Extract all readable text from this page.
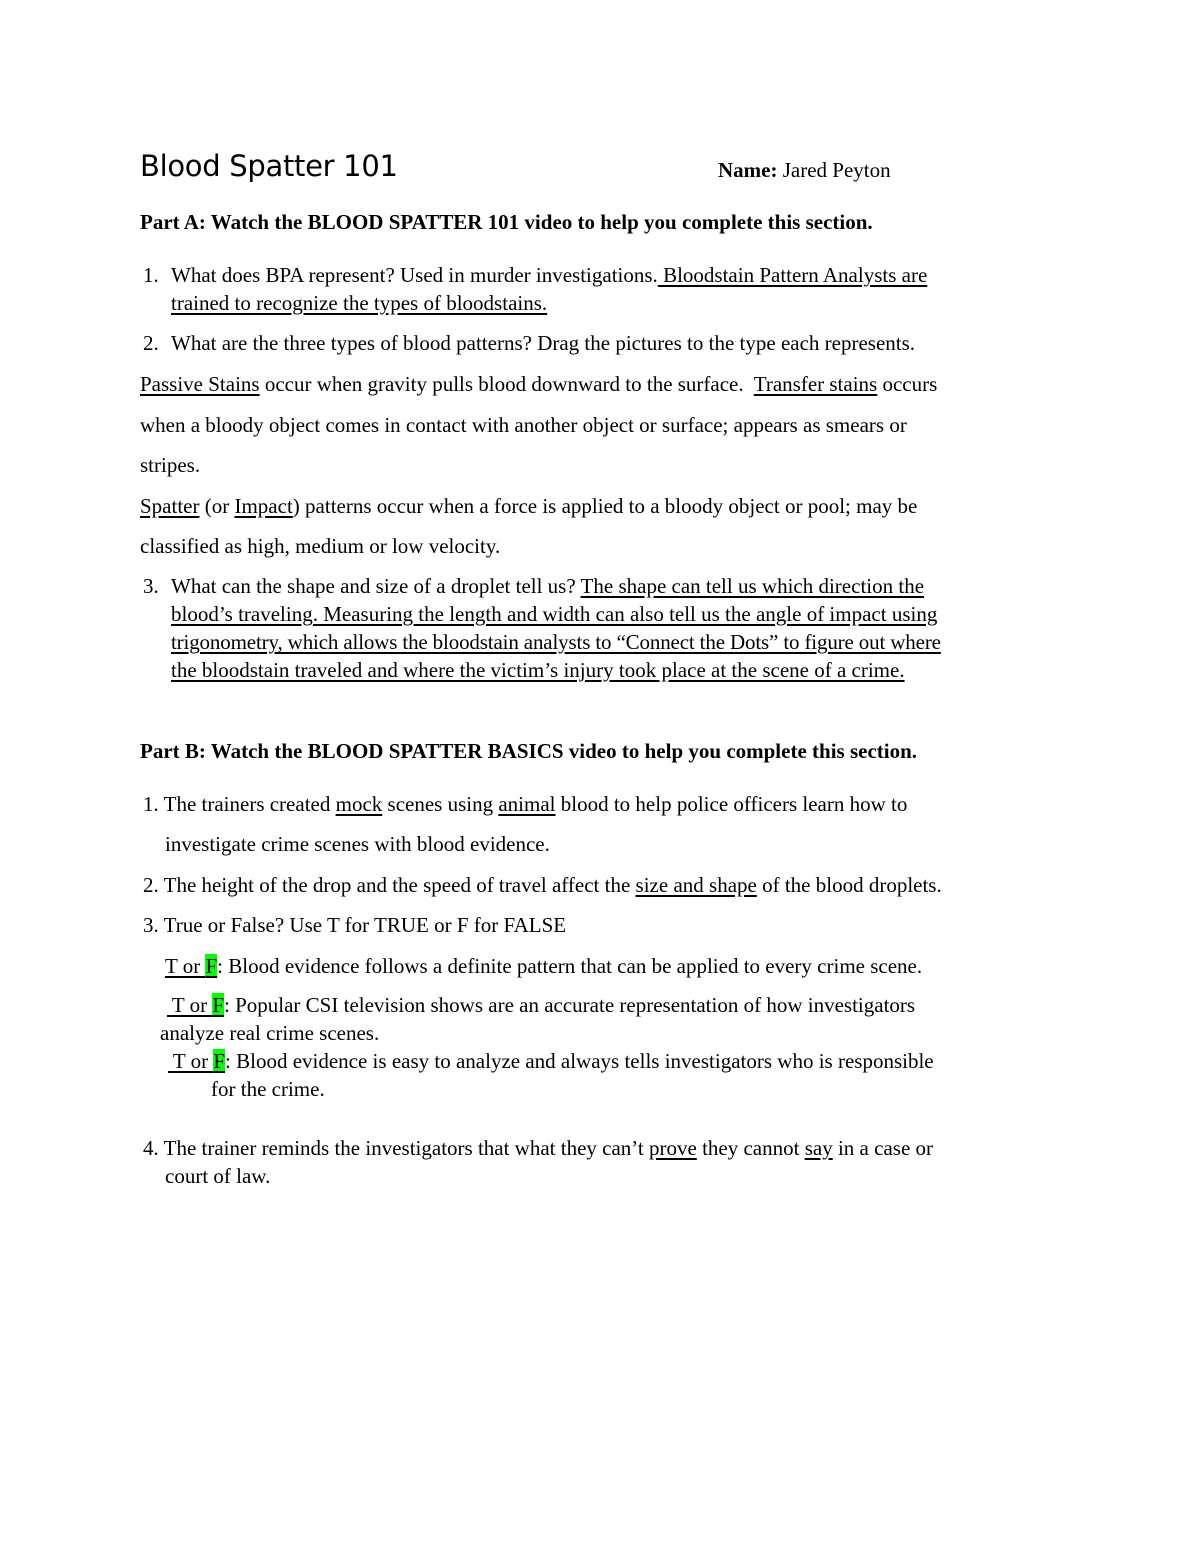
Blood Spatter 101	Name: Jared Peyton
Part A: Watch the BLOOD SPATTER 101 video to help you complete this section.
1. What does BPA represent? Used in murder investigations. Bloodstain Pattern Analysts are
trained to recognize the types of bloodstains.
2. What are the three types of blood patterns? Drag the pictures to the type each represents.
Passive Stains occur when gravity pulls blood downward to the surface.  Transfer stains occurs
when a bloody object comes in contact with another object or surface; appears as smears or
stripes.
Spatter (or Impact) patterns occur when a force is applied to a bloody object or pool; may be
classified as high, medium or low velocity.
3. What can the shape and size of a droplet tell us? The shape can tell us which direction the
blood’s traveling. Measuring the length and width can also tell us the angle of impact using
trigonometry, which allows the bloodstain analysts to “Connect the Dots” to figure out where
the bloodstain traveled and where the victim’s injury took place at the scene of a crime.
Part B: Watch the BLOOD SPATTER BASICS video to help you complete this section.
1. The trainers created mock scenes using animal blood to help police officers learn how to
investigate crime scenes with blood evidence.
2. The height of the drop and the speed of travel affect the size and shape of the blood droplets.
3. True or False? Use T for TRUE or F for FALSE
T or F: Blood evidence follows a definite pattern that can be applied to every crime scene.
T or F: Popular CSI television shows are an accurate representation of how investigators
analyze real crime scenes.
T or F: Blood evidence is easy to analyze and always tells investigators who is responsible
for the crime.
4. The trainer reminds the investigators that what they can’t prove they cannot say in a case or
court of law.
